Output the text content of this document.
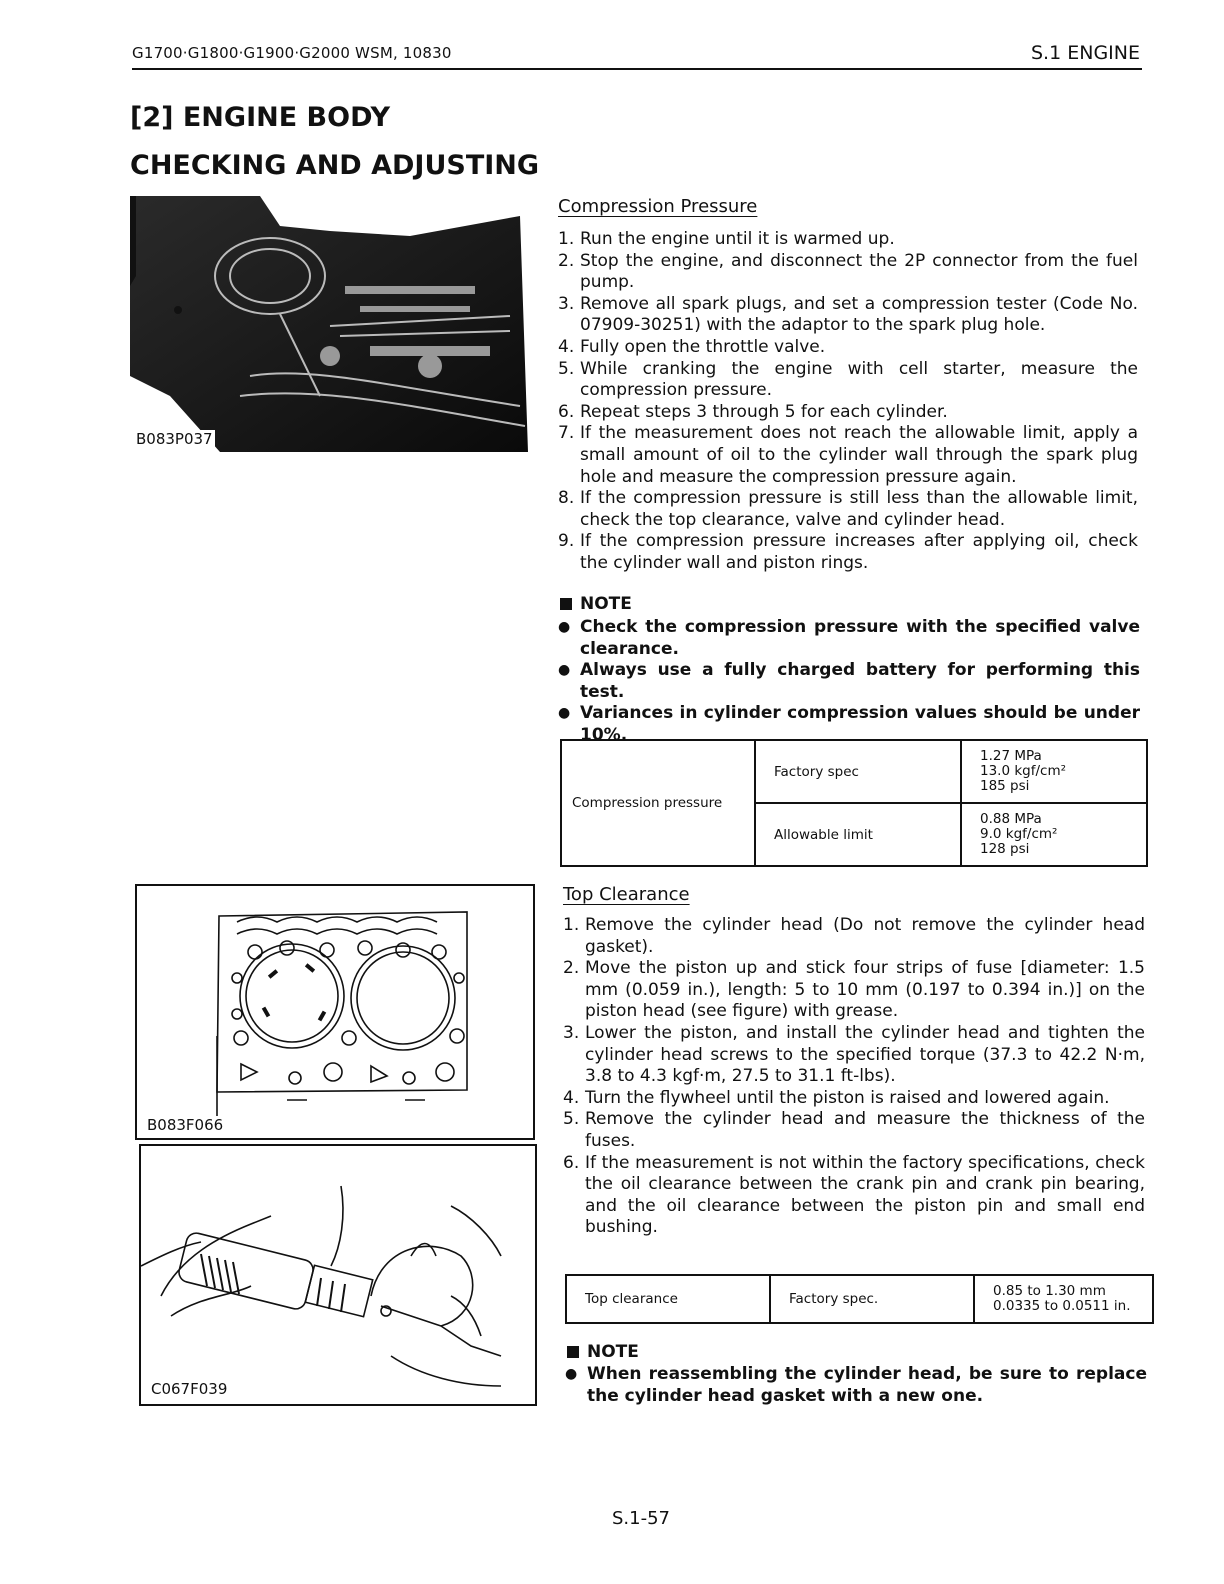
G1700·G1800·G1900·G2000 WSM, 10830	S.1 ENGINE
[2] ENGINE BODY
CHECKING AND ADJUSTING
B083P037
Compression Pressure
1. Run the engine until it is warmed up.
2. Stop the engine, and disconnect the 2P connector from the fuel pump.
3. Remove all spark plugs, and set a compression tester (Code No. 07909-30251) with the adaptor to the spark plug hole.
4. Fully open the throttle valve.
5. While cranking the engine with cell starter, measure the compression pressure.
6. Repeat steps 3 through 5 for each cylinder.
7. If the measurement does not reach the allowable limit, apply a small amount of oil to the cylinder wall through the spark plug hole and measure the compression pressure again.
8. If the compression pressure is still less than the allowable limit, check the top clearance, valve and cylinder head.
9. If the compression pressure increases after applying oil, check the cylinder wall and piston rings.
NOTE
● Check the compression pressure with the specified valve clearance.
● Always use a fully charged battery for performing this test.
● Variances in cylinder compression values should be under 10%.
Compression pressure	Factory spec	1.27 MPa
13.0 kgf/cm²
185 psi

	Allowable limit	0.88 MPa
9.0 kgf/cm²
128 psi
B083F066
C067F039
Top Clearance
1. Remove the cylinder head (Do not remove the cylinder head gasket).
2. Move the piston up and stick four strips of fuse [diameter: 1.5 mm (0.059 in.), length: 5 to 10 mm (0.197 to 0.394 in.)] on the piston head (see figure) with grease.
3. Lower the piston, and install the cylinder head and tighten the cylinder head screws to the specified torque (37.3 to 42.2 N·m, 3.8 to 4.3 kgf·m, 27.5 to 31.1 ft-lbs).
4. Turn the flywheel until the piston is raised and lowered again.
5. Remove the cylinder head and measure the thickness of the fuses.
6. If the measurement is not within the factory specifications, check the oil clearance between the crank pin and crank pin bearing, and the oil clearance between the piston pin and small end bushing.
Top clearance	Factory spec.	0.85 to 1.30 mm
0.0335 to 0.0511 in.
NOTE
● When reassembling the cylinder head, be sure to replace the cylinder head gasket with a new one.
S.1-57
